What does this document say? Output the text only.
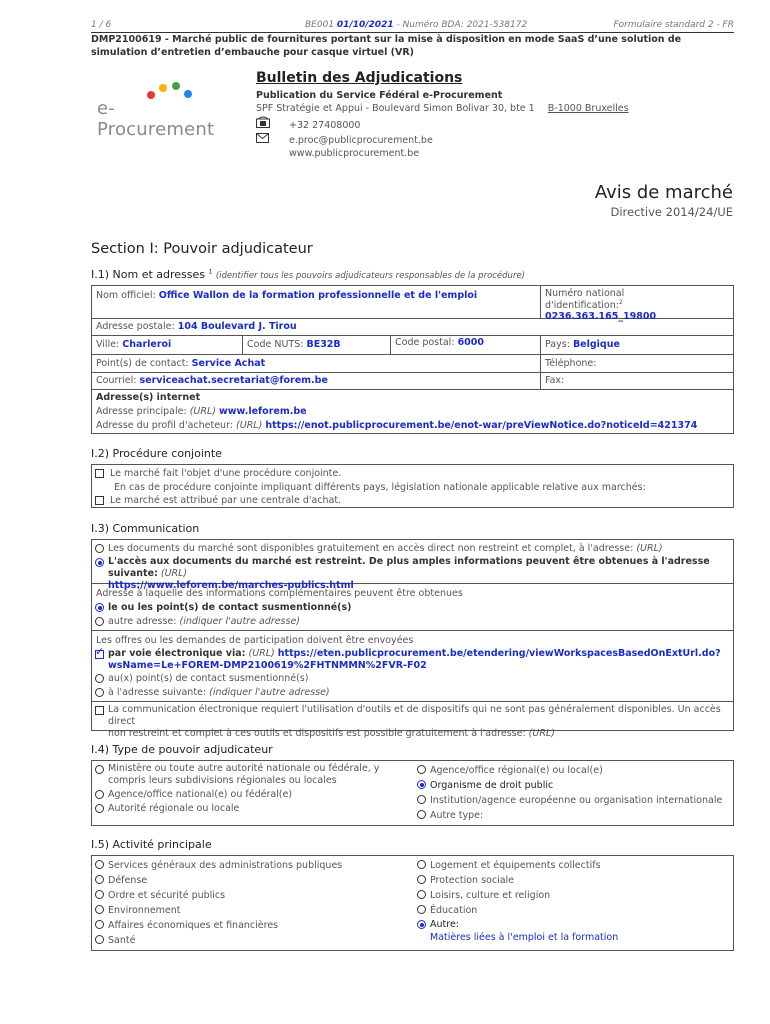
1 / 6	BE001 01/10/2021 - Numéro BDA: 2021-538172	Formulaire standard 2 - FR
DMP2100619 - Marché public de fournitures portant sur la mise à disposition en mode SaaS d’une solution de simulation d’entretien d’embauche pour casque virtuel (VR)
e-Procurement
Bulletin des Adjudications
Publication du Service Fédéral e-Procurement
SPF Stratégie et Appui - Boulevard Simon Bolivar 30, bte 1 B-1000 Bruxelles
+32 27408000
e.proc@publicprocurement.be
www.publicprocurement.be
Avis de marché
Directive 2014/24/UE
Section I: Pouvoir adjudicateur
I.1) Nom et adresses $^1$ (identifier tous les pouvoirs adjudicateurs responsables de la procédure)
Nom officiel: Office Wallon de la formation professionnelle et de l'emploi	Numéro national
d'identification:$^2$ 0236.363.165_19800
Adresse postale: 104 Boulevard J. Tirou
Ville: Charleroi	Code NUTS: BE32B	Code postal: 6000	Pays: Belgique
Point(s) de contact: Service Achat	Téléphone:
Courriel: serviceachat.secretariat@forem.be	Fax:
Adresse(s) internet
Adresse principale: (URL) www.leforem.be
Adresse du profil d'acheteur: (URL) https://enot.publicprocurement.be/enot-war/preViewNotice.do?noticeId=421374
I.2) Procédure conjointe
Le marché fait l'objet d'une procédure conjointe.
En cas de procédure conjointe impliquant différents pays, législation nationale applicable relative aux marchés:
Le marché est attribué par une centrale d'achat.
I.3) Communication
Les documents du marché sont disponibles gratuitement en accès direct non restreint et complet, à l'adresse: (URL)
L'accès aux documents du marché est restreint. De plus amples informations peuvent être obtenues à l'adresse suivante: (URL)
https://www.leforem.be/marches-publics.html
Adresse à laquelle des informations complémentaires peuvent être obtenues
le ou les point(s) de contact susmentionné(s)
autre adresse: (indiquer l'autre adresse)
Les offres ou les demandes de participation doivent être envoyées
✓
par voie électronique via: (URL) https://eten.publicprocurement.be/etendering/viewWorkspacesBasedOnExtUrl.do?
wsName=Le+FOREM-DMP2100619%2FHTNMMN%2FVR-F02
au(x) point(s) de contact susmentionné(s)
à l'adresse suivante: (indiquer l'autre adresse)
La communication électronique requiert l'utilisation d'outils et de dispositifs qui ne sont pas généralement disponibles. Un accès direct
non restreint et complet à ces outils et dispositifs est possible gratuitement à l'adresse: (URL)
I.4) Type de pouvoir adjudicateur
Ministère ou toute autre autorité nationale ou fédérale, y compris leurs subdivisions régionales ou locales
Agence/office national(e) ou fédéral(e)
Autorité régionale ou locale
Agence/office régional(e) ou local(e)
Organisme de droit public
Institution/agence européenne ou organisation internationale
Autre type:
I.5) Activité principale
Services généraux des administrations publiques
Défense
Ordre et sécurité publics
Environnement
Affaires économiques et financières
Santé
Logement et équipements collectifs
Protection sociale
Loisirs, culture et religion
Éducation
Autre:
Matières liées à l'emploi et la formation
